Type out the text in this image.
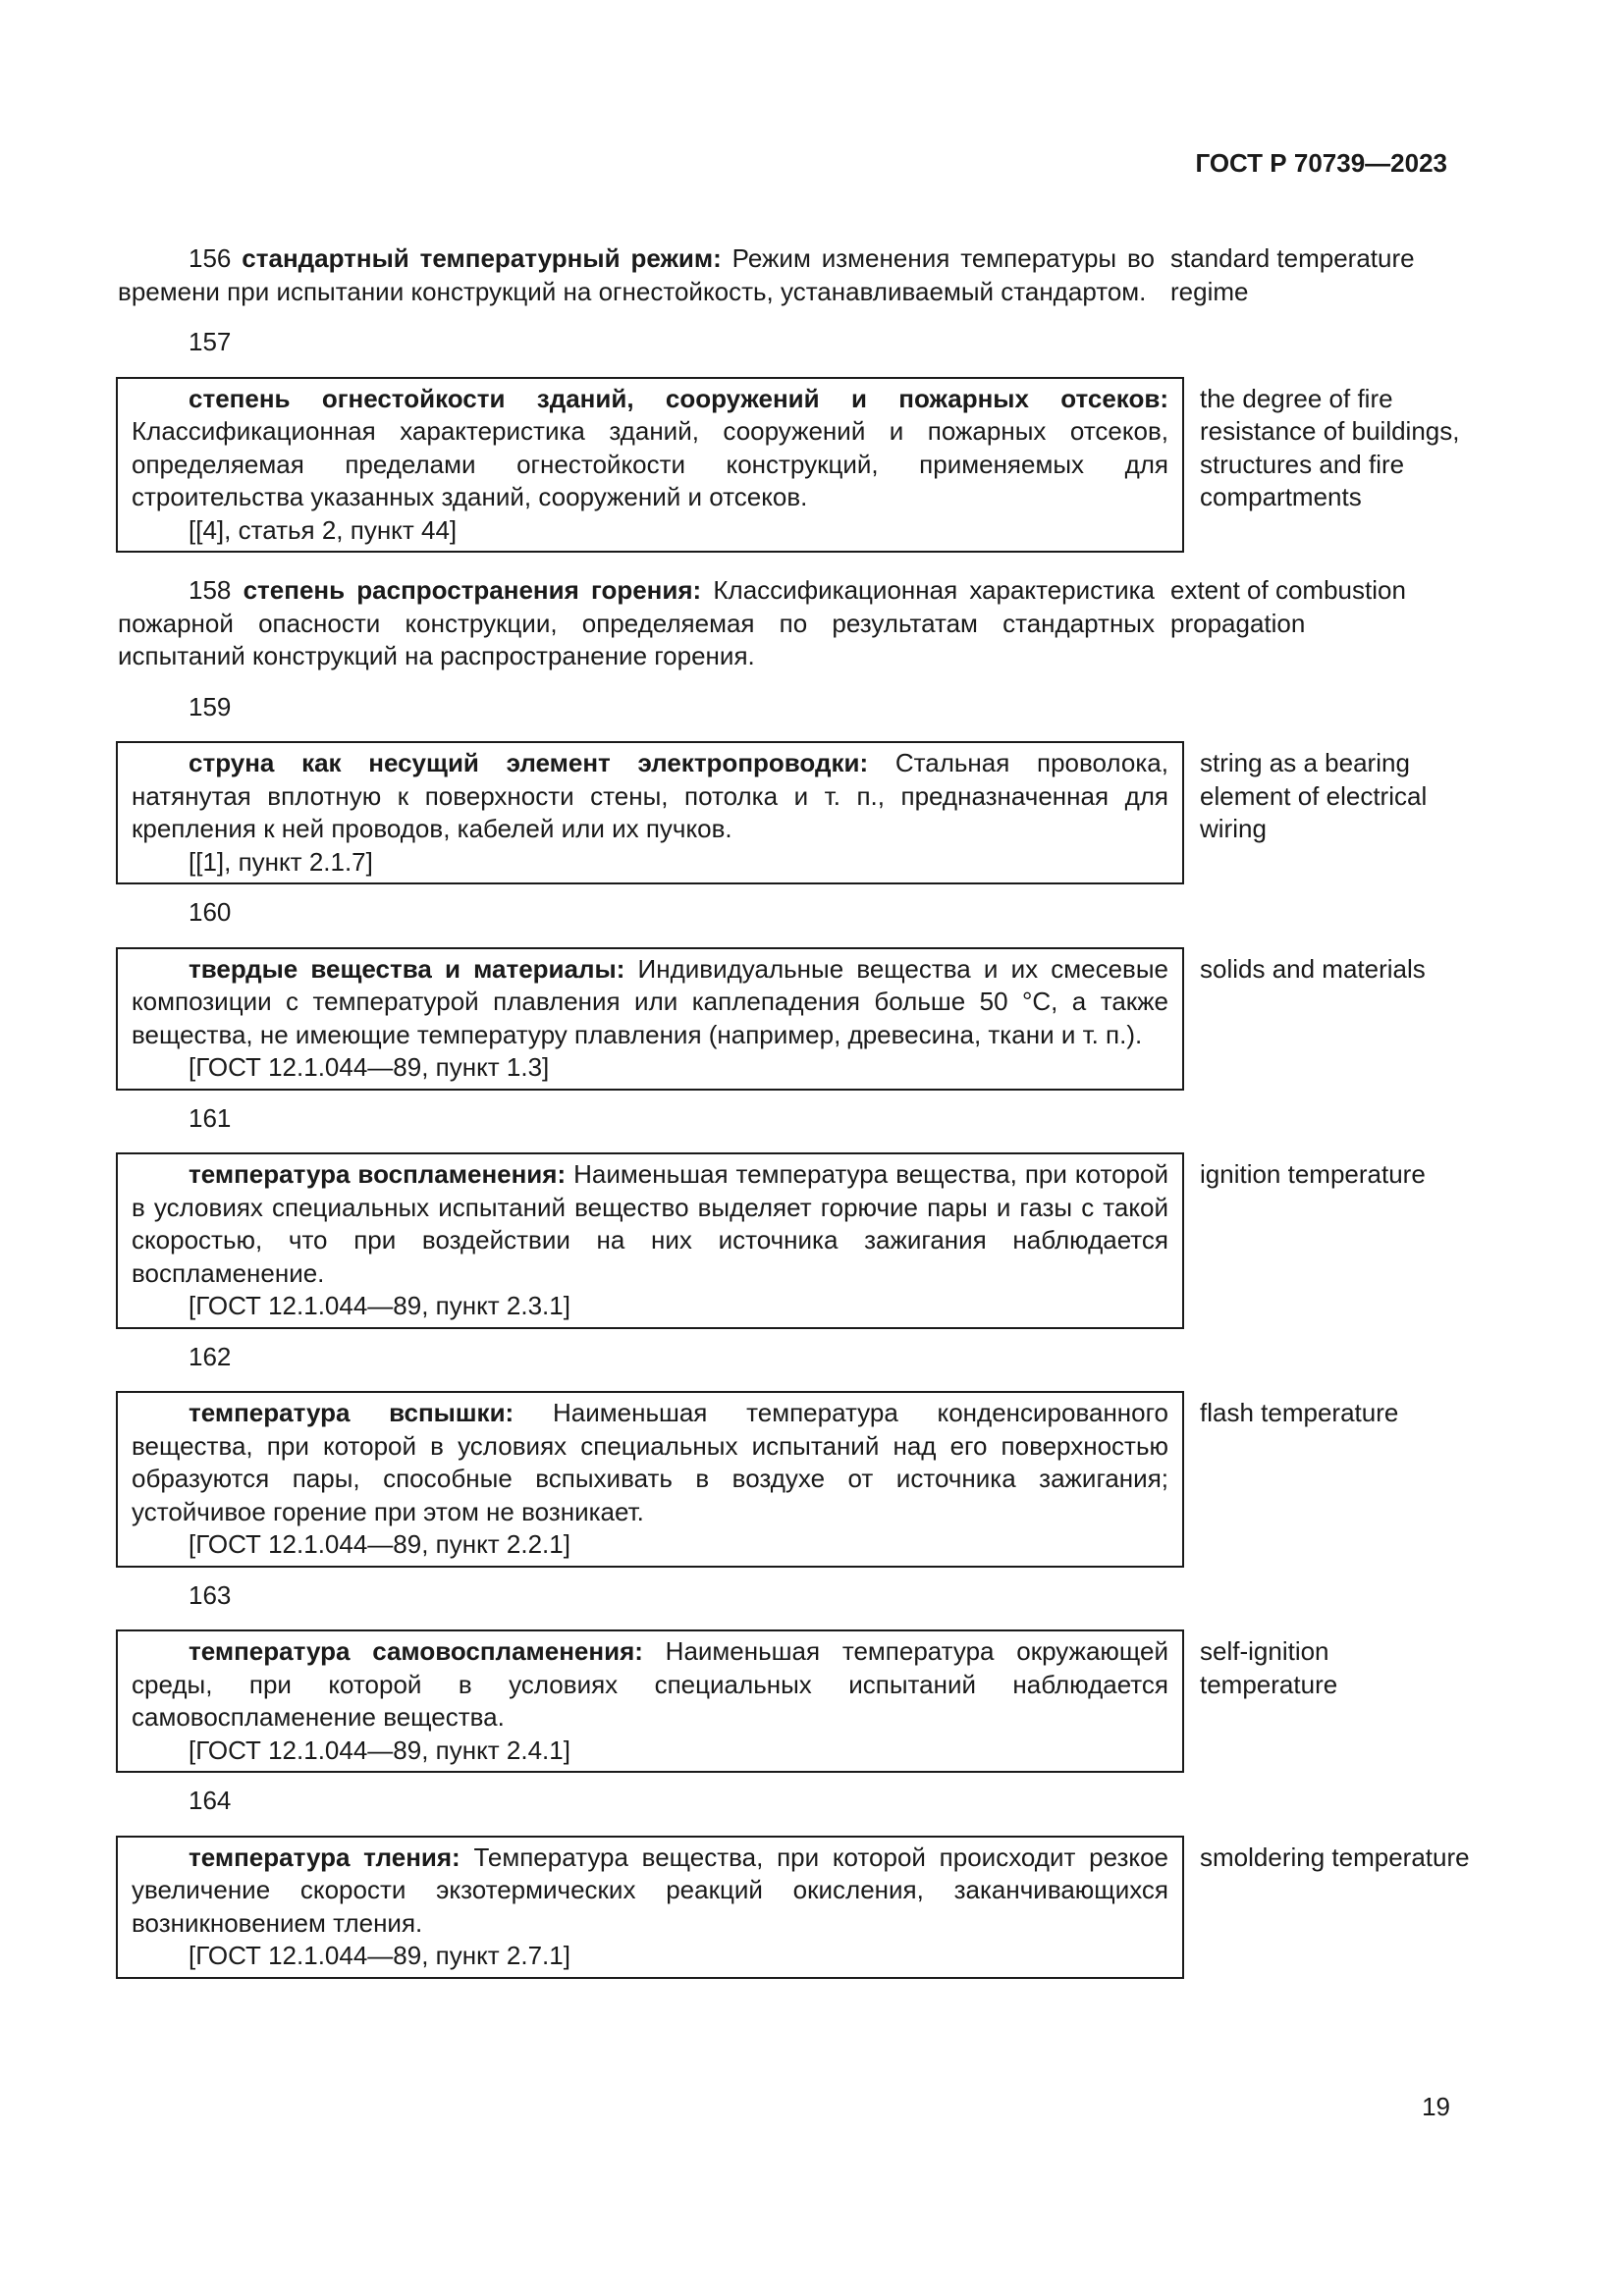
ГОСТ Р 70739—2023

156 стандартный температурный режим: Режим изменения температуры во времени при испытании конструкций на огнестойкость, устанавливаемый стандартом.

standard temperature regime

157

степень огнестойкости зданий, сооружений и пожарных отсеков: Классификационная характеристика зданий, сооружений и пожарных отсеков, определяемая пределами огнестойкости конструкций, применяемых для строительства указанных зданий, сооружений и отсеков.

[[4], статья 2, пункт 44]

the degree of fire resistance of buildings, structures and fire compartments

158 степень распространения горения: Классификационная характеристика пожарной опасности конструкции, определяемая по результатам стандартных испытаний конструкций на распространение горения.

extent of combustion propagation

159

струна как несущий элемент электропроводки: Стальная проволока, натянутая вплотную к поверхности стены, потолка и т. п., предназначенная для крепления к ней проводов, кабелей или их пучков.

[[1], пункт 2.1.7]

string as a bearing element of electrical wiring

160

твердые вещества и материалы: Индивидуальные вещества и их смесевые композиции с температурой плавления или каплепадения больше 50 °С, а также вещества, не имеющие температуру плавления (например, древесина, ткани и т. п.).

[ГОСТ 12.1.044—89, пункт 1.3]

solids and materials

161

температура воспламенения: Наименьшая температура вещества, при которой в условиях специальных испытаний вещество выделяет горючие пары и газы с такой скоростью, что при воздействии на них источника зажигания наблюдается воспламенение.

[ГОСТ 12.1.044—89, пункт 2.3.1]

ignition temperature

162

температура вспышки: Наименьшая температура конденсированного вещества, при которой в условиях специальных испытаний над его поверхностью образуются пары, способные вспыхивать в воздухе от источника зажигания; устойчивое горение при этом не возникает.

[ГОСТ 12.1.044—89, пункт 2.2.1]

flash temperature

163

температура самовоспламенения: Наименьшая температура окружающей среды, при которой в условиях специальных испытаний наблюдается самовоспламенение вещества.

[ГОСТ 12.1.044—89, пункт 2.4.1]

self-ignition temperature

164

температура тления: Температура вещества, при которой происходит резкое увеличение скорости экзотермических реакций окисления, заканчивающихся возникновением тления.

[ГОСТ 12.1.044—89, пункт 2.7.1]

smoldering temperature
19
